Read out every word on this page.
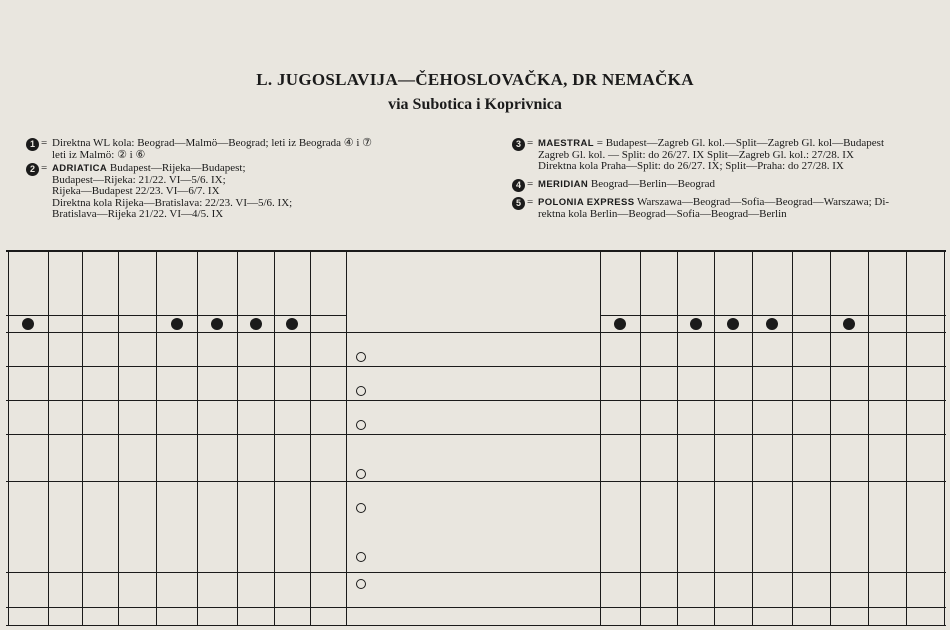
L. JUGOSLAVIJA—ČEHOSLOVAČKA, DR NEMAČKA
via Subotica i Koprivnica
1 = Direktna WL kola: Beograd—Malmö—Beograd; leti iz Beograda ④ i ⑦
leti iz Malmö: ② i ⑥
2 = ADRIATICA Budapest—Rijeka—Budapest;
Budapest—Rijeka: 21/22. VI—5/6. IX;
Rijeka—Budapest 22/23. VI—6/7. IX
Direktna kola Rijeka—Bratislava: 22/23. VI—5/6. IX;
Bratislava—Rijeka 21/22. VI—4/5. IX
3 = MAESTRAL = Budapest—Zagreb Gl. kol.—Split—Zagreb Gl. kol—Budapest
Zagreb Gl. kol. — Split: do 26/27. IX Split—Zagreb Gl. kol.: 27/28. IX
Direktna kola Praha—Split: do 26/27. IX; Split—Praha: do 27/28. IX
4 = MERIDIAN Beograd—Berlin—Beograd
5 = POLONIA EXPRESS Warszawa—Beograd—Sofia—Beograd—Warszawa; Di-
rektna kola Berlin—Beograd—Sofia—Beograd—Berlin
